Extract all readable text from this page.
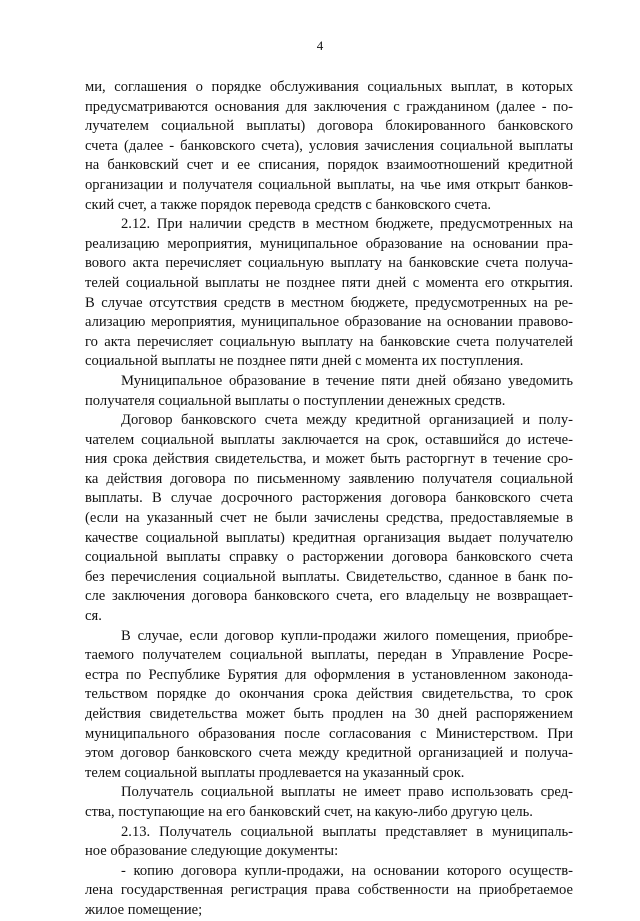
4
ми, соглашения о порядке обслуживания социальных выплат, в которых
предусматриваются основания для заключения с гражданином (далее - по-
лучателем социальной выплаты) договора блокированного банковского
счета (далее - банковского счета), условия зачисления социальной выплаты
на банковский счет и ее списания, порядок взаимоотношений кредитной
организации и получателя социальной выплаты, на чье имя открыт банков-
ский счет, а также порядок перевода средств с банковского счета.
2.12. При наличии средств в местном бюджете, предусмотренных на
реализацию мероприятия, муниципальное образование на основании пра-
вового акта перечисляет социальную выплату на банковские счета получа-
телей социальной выплаты не позднее пяти дней с момента его открытия.
В случае отсутствия средств в местном бюджете, предусмотренных на ре-
ализацию мероприятия, муниципальное образование на основании правово-
го акта перечисляет социальную выплату на банковские счета получателей
социальной выплаты не позднее пяти дней с момента их поступления.
Муниципальное образование в течение пяти дней обязано уведомить
получателя социальной выплаты о поступлении денежных средств.
Договор банковского счета между кредитной организацией и полу-
чателем социальной выплаты заключается на срок, оставшийся до истече-
ния срока действия свидетельства, и может быть расторгнут в течение сро-
ка действия договора по письменному заявлению получателя социальной
выплаты. В случае досрочного расторжения договора банковского счета
(если на указанный счет не были зачислены средства, предоставляемые в
качестве социальной выплаты) кредитная организация выдает получателю
социальной выплаты справку о расторжении договора банковского счета
без перечисления социальной выплаты. Свидетельство, сданное в банк по-
сле заключения договора банковского счета, его владельцу не возвращает-
ся.
В случае, если договор купли-продажи жилого помещения, приобре-
таемого получателем социальной выплаты, передан в Управление Росре-
естра по Республике Бурятия для оформления в установленном законода-
тельством порядке до окончания срока действия свидетельства, то срок
действия свидетельства может быть продлен на 30 дней распоряжением
муниципального образования после согласования с Министерством. При
этом договор банковского счета между кредитной организацией и получа-
телем социальной выплаты продлевается на указанный срок.
Получатель социальной выплаты не имеет право использовать сред-
ства, поступающие на его банковский счет, на какую-либо другую цель.
2.13. Получатель социальной выплаты представляет в муниципаль-
ное образование следующие документы:
- копию договора купли-продажи, на основании которого осуществ-
лена государственная регистрация права собственности на приобретаемое
жилое помещение;
